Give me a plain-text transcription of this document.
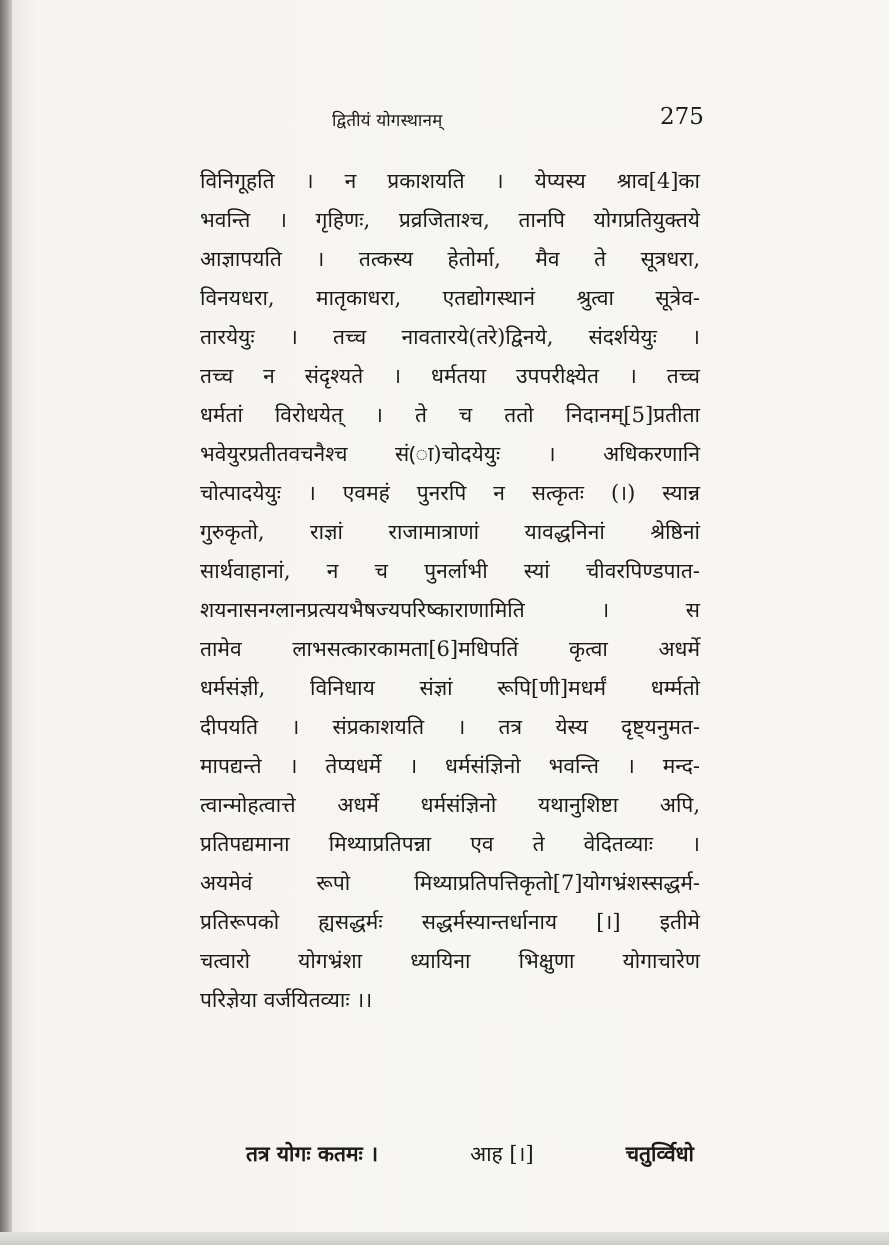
द्वितीयं योगस्थानम्	275
विनिगूहति । न प्रकाशयति । येप्यस्य श्राव[4]का
भवन्ति । गृहिणः, प्रव्रजिताश्च, तानपि योगप्रतियुक्तये
आज्ञापयति । तत्कस्य हेतोर्मा, मैव ते सूत्रधरा,
विनयधरा, मातृकाधरा, एतद्योगस्थानं श्रुत्वा सूत्रेव-
तारयेयुः । तच्च नावतारये(तरे)द्विनये, संदर्शयेयुः ।
तच्च न संदृश्यते । धर्मतया उपपरीक्ष्येत । तच्च
धर्मतां विरोधयेत् । ते च ततो निदानम्[5]प्रतीता
भवेयुरप्रतीतवचनैश्च सं(ा)चोदयेयुः । अधिकरणानि
चोत्पादयेयुः । एवमहं पुनरपि न सत्कृतः (।) स्यान्न
गुरुकृतो, राज्ञां राजामात्राणां यावद्धनिनां श्रेष्ठिनां
सार्थवाहानां, न च पुनर्लाभी स्यां चीवरपिण्डपात-
शयनासनग्लानप्रत्ययभैषज्यपरिष्काराणामिति । स
तामेव लाभसत्कारकामता[6]मधिपतिं कृत्वा अधर्मे
धर्मसंज्ञी, विनिधाय संज्ञां रूपि[णी]मधर्मं धर्म्मतो
दीपयति । संप्रकाशयति । तत्र येस्य दृष्ट्यनुमत-
मापद्यन्ते । तेप्यधर्मे । धर्मसंज्ञिनो भवन्ति । मन्द-
त्वान्मोहत्वात्ते अधर्मे धर्मसंज्ञिनो यथानुशिष्टा अपि,
प्रतिपद्यमाना मिथ्याप्रतिपन्ना एव ते वेदितव्याः ।
अयमेवं रूपो मिथ्याप्रतिपत्तिकृतो[7]योगभ्रंशस्सद्धर्म-
प्रतिरूपको ह्यसद्धर्मः सद्धर्मस्यान्तर्धानाय [।] इतीमे
चत्वारो योगभ्रंशा ध्यायिना भिक्षुणा योगाचारेण
परिज्ञेया वर्जयितव्याः ।।
तत्र योगः कतमः ।	आह [।]	चतुर्व्विधो
